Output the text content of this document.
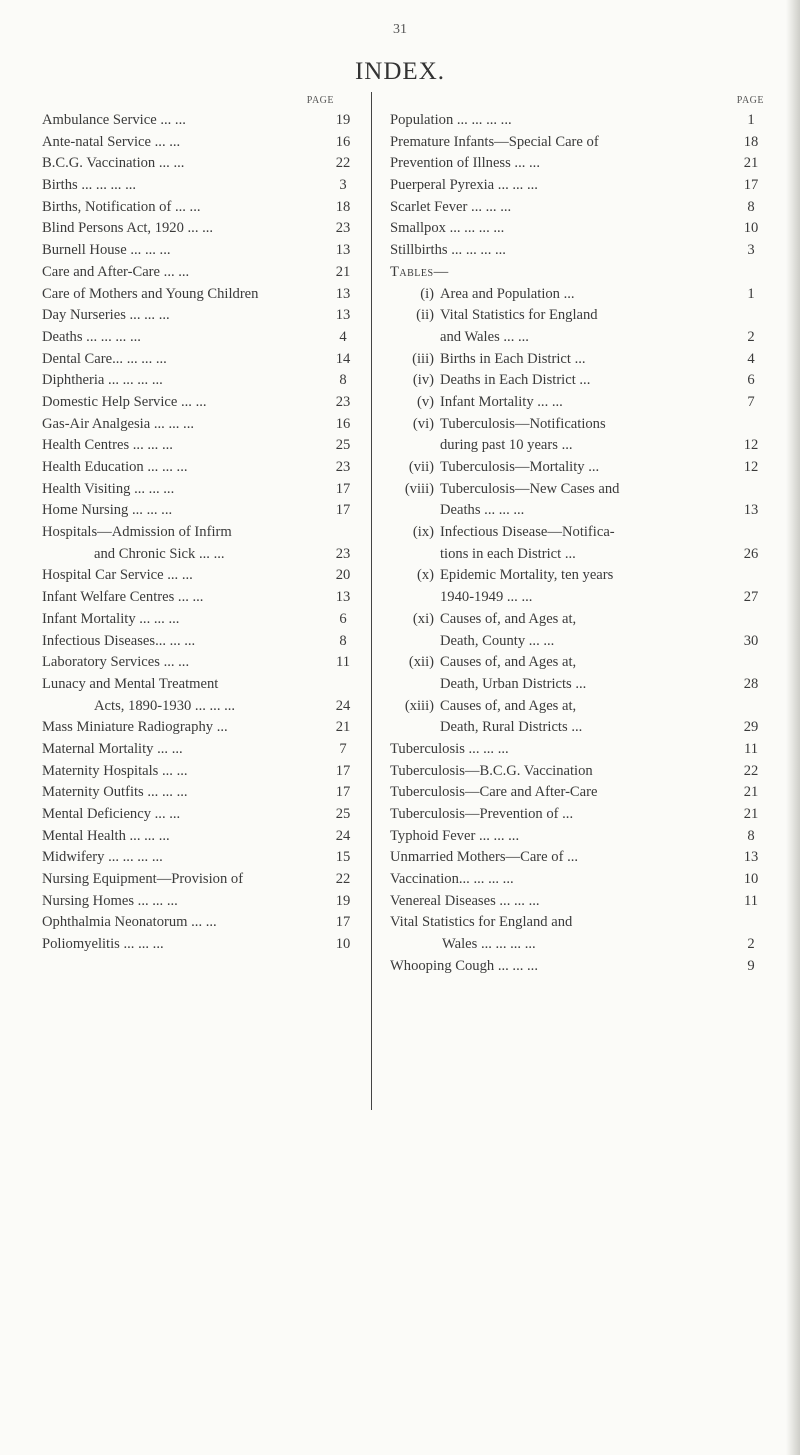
31
INDEX.
PAGE
Ambulance Service ... ...	19
Ante-natal Service ... ...	16
B.C.G. Vaccination ... ...	22
Births ... ... ... ...	3
Births, Notification of ... ...	18
Blind Persons Act, 1920 ... ...	23
Burnell House ... ... ...	13
Care and After-Care ... ...	21
Care of Mothers and Young Children	13
Day Nurseries ... ... ...	13
Deaths ... ... ... ...	4
Dental Care... ... ... ...	14
Diphtheria ... ... ... ...	8
Domestic Help Service ... ...	23
Gas-Air Analgesia ... ... ...	16
Health Centres ... ... ...	25
Health Education ... ... ...	23
Health Visiting ... ... ...	17
Home Nursing ... ... ...	17
Hospitals—Admission of Infirm
and Chronic Sick ... ...	23
Hospital Car Service ... ...	20
Infant Welfare Centres ... ...	13
Infant Mortality ... ... ...	6
Infectious Diseases... ... ...	8
Laboratory Services ... ...	11
Lunacy and Mental Treatment
Acts, 1890-1930 ... ... ...	24
Mass Miniature Radiography ...	21
Maternal Mortality ... ...	7
Maternity Hospitals ... ...	17
Maternity Outfits ... ... ...	17
Mental Deficiency ... ...	25
Mental Health ... ... ...	24
Midwifery ... ... ... ...	15
Nursing Equipment—Provision of	22
Nursing Homes ... ... ...	19
Ophthalmia Neonatorum ... ...	17
Poliomyelitis ... ... ...	10
PAGE
Population ... ... ... ...	1
Premature Infants—Special Care of	18
Prevention of Illness ... ...	21
Puerperal Pyrexia ... ... ...	17
Scarlet Fever ... ... ...	8
Smallpox ... ... ... ...	10
Stillbirths ... ... ... ...	3
Tables—
(i) Area and Population ...	1
(ii) Vital Statistics for England
and Wales ... ...	2
(iii) Births in Each District ...	4
(iv) Deaths in Each District ...	6
(v) Infant Mortality ... ...	7
(vi) Tuberculosis—Notifications
during past 10 years ...	12
(vii) Tuberculosis—Mortality ...	12
(viii) Tuberculosis—New Cases and
Deaths ... ... ...	13
(ix) Infectious Disease—Notifica-
tions in each District ...	26
(x) Epidemic Mortality, ten years
1940-1949 ... ...	27
(xi) Causes of, and Ages at,
Death, County ... ...	30
(xii) Causes of, and Ages at,
Death, Urban Districts ...	28
(xiii) Causes of, and Ages at,
Death, Rural Districts ...	29
Tuberculosis ... ... ...	11
Tuberculosis—B.C.G. Vaccination	22
Tuberculosis—Care and After-Care	21
Tuberculosis—Prevention of ...	21
Typhoid Fever ... ... ...	8
Unmarried Mothers—Care of ...	13
Vaccination... ... ... ...	10
Venereal Diseases ... ... ...	11
Vital Statistics for England and
Wales ... ... ... ...	2
Whooping Cough ... ... ...	9
